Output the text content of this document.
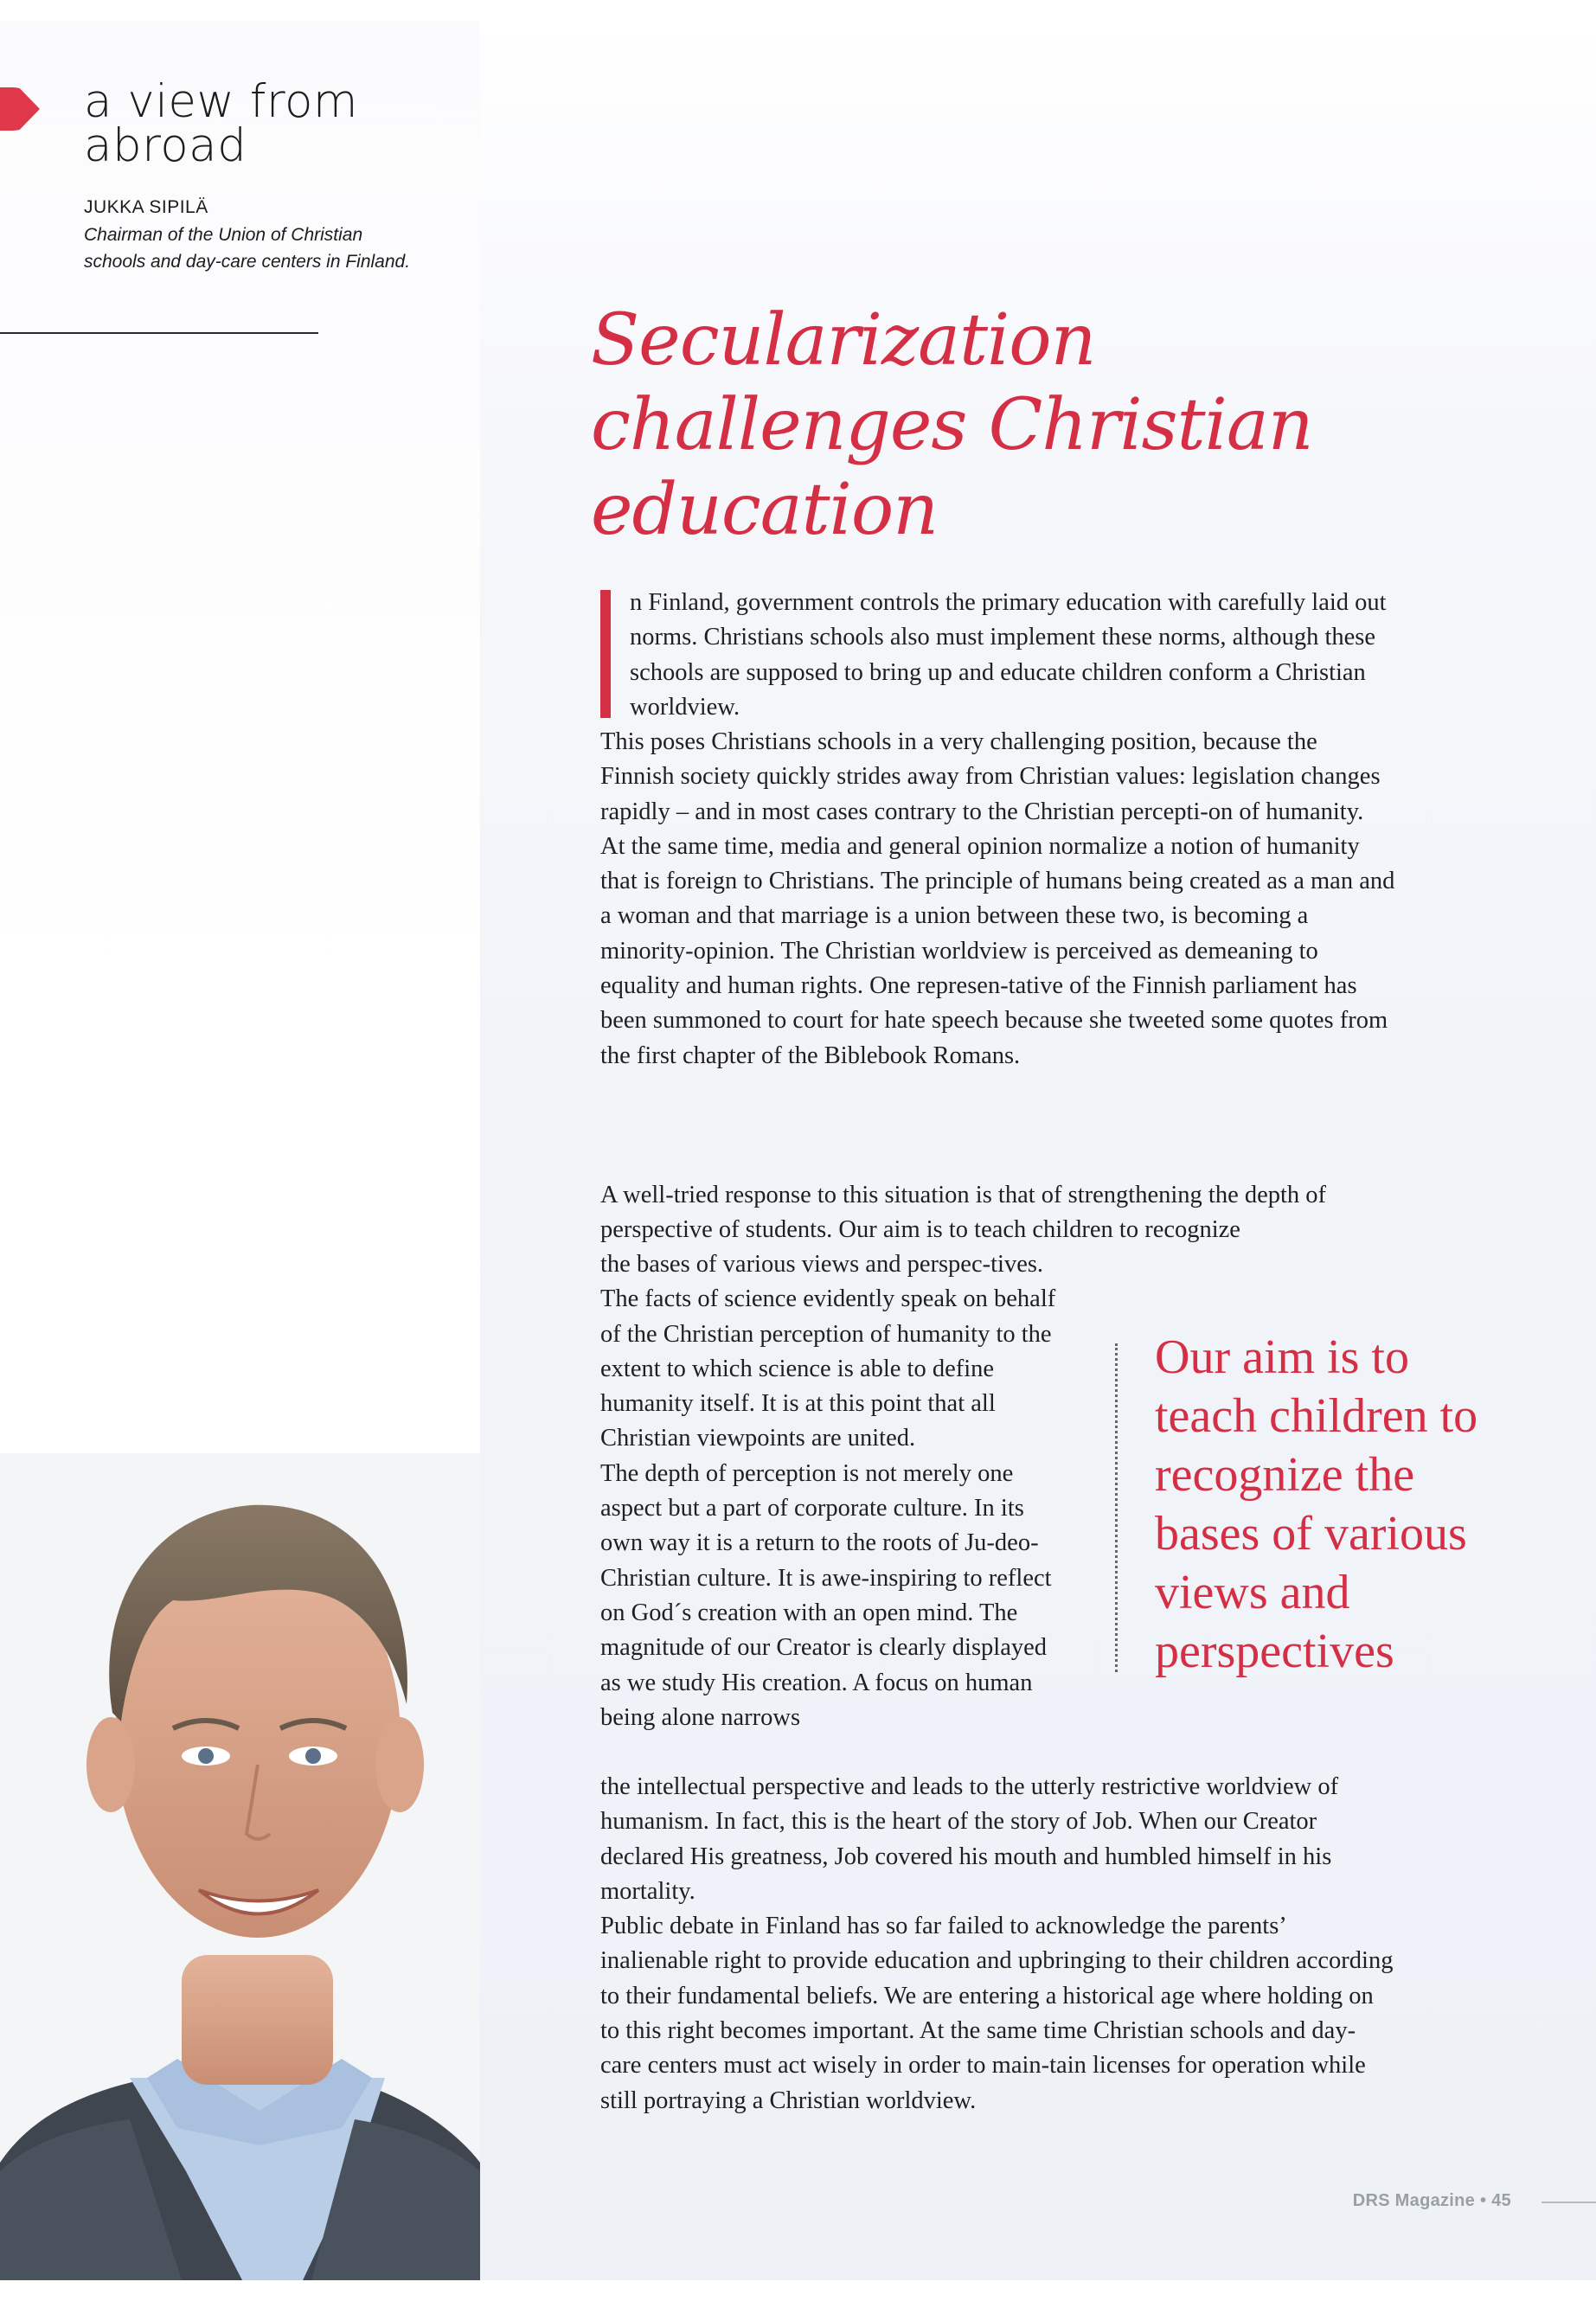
a view from abroad
JUKKA SIPILÄ
Chairman of the Union of Christian schools and day-care centers in Finland.
Secularization
challenges Christian
education

n Finland, government controls the primary education with carefully laid out norms. Christians schools also must implement these norms, although these schools are supposed to bring up and educate children conform a Christian worldview.

This poses Christians schools in a very challenging position, because the Finnish society quickly strides away from Christian values: legislation changes rapidly – and in most cases contrary to the Christian percepti-on of humanity.

At the same time, media and general opinion normalize a notion of humanity that is foreign to Christians. The principle of humans being created as a man and a woman and that marriage is a union between these two, is becoming a minority-opinion. The Christian worldview is perceived as demeaning to equality and human rights. One represen-tative of the Finnish parliament has been summoned to court for hate speech because she tweeted some quotes from the first chapter of the Biblebook Romans.

A well-tried response to this situation is that of strengthening the depth of perspective of students. Our aim is to teach children to recognize

the bases of various views and perspec-tives. The facts of science evidently speak on behalf of the Christian perception of humanity to the extent to which science is able to define humanity itself. It is at this point that all Christian viewpoints are united.

The depth of perception is not merely one aspect but a part of corporate culture. In its own way it is a return to the roots of Ju-deo-Christian culture. It is awe-inspiring to reflect on God´s creation with an open mind. The magnitude of our Creator is clearly displayed as we study His creation. A focus on human being alone narrows

the intellectual perspective and leads to the utterly restrictive worldview of humanism. In fact, this is the heart of the story of Job. When our Creator declared His greatness, Job covered his mouth and humbled himself in his mortality.

Public debate in Finland has so far failed to acknowledge the parents’ inalienable right to provide education and upbringing to their children according to their fundamental beliefs. We are entering a historical age where holding on to this right becomes important. At the same time Christian schools and day-care centers must act wisely in order to main-tain licenses for operation while still portraying a Christian worldview.

Our aim is to teach children to recognize the bases of various views and perspectives
DRS Magazine • 45
